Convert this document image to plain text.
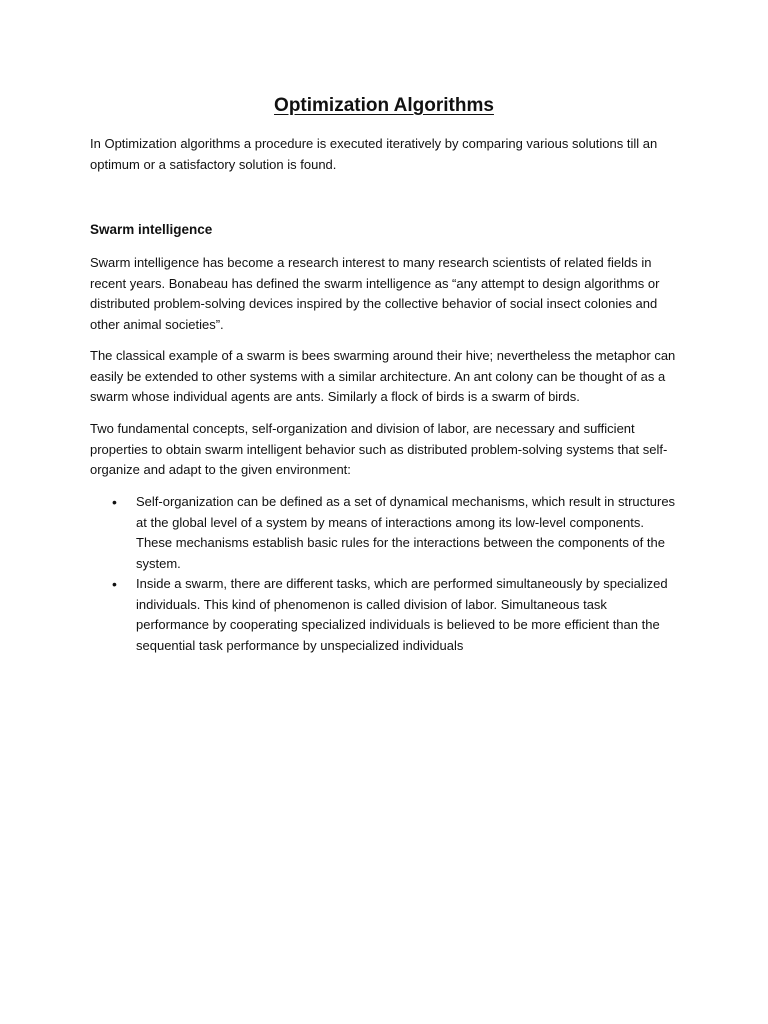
Optimization Algorithms

In Optimization algorithms a procedure is executed iteratively by comparing various solutions till an optimum or a satisfactory solution is found.

Swarm intelligence

Swarm intelligence has become a research interest to many research scientists of related fields in recent years. Bonabeau has defined the swarm intelligence as “any attempt to design algorithms or distributed problem-solving devices inspired by the collective behavior of social insect colonies and other animal societies”.

The classical example of a swarm is bees swarming around their hive; nevertheless the metaphor can easily be extended to other systems with a similar architecture. An ant colony can be thought of as a swarm whose individual agents are ants. Similarly a flock of birds is a swarm of birds.

Two fundamental concepts, self-organization and division of labor, are necessary and sufficient properties to obtain swarm intelligent behavior such as distributed problem-solving systems that self-organize and adapt to the given environment:

• Self-organization can be defined as a set of dynamical mechanisms, which result in structures at the global level of a system by means of interactions among its low-level components. These mechanisms establish basic rules for the interactions between the components of the system.
• Inside a swarm, there are different tasks, which are performed simultaneously by specialized individuals. This kind of phenomenon is called division of labor. Simultaneous task performance by cooperating specialized individuals is believed to be more efficient than the sequential task performance by unspecialized individuals
